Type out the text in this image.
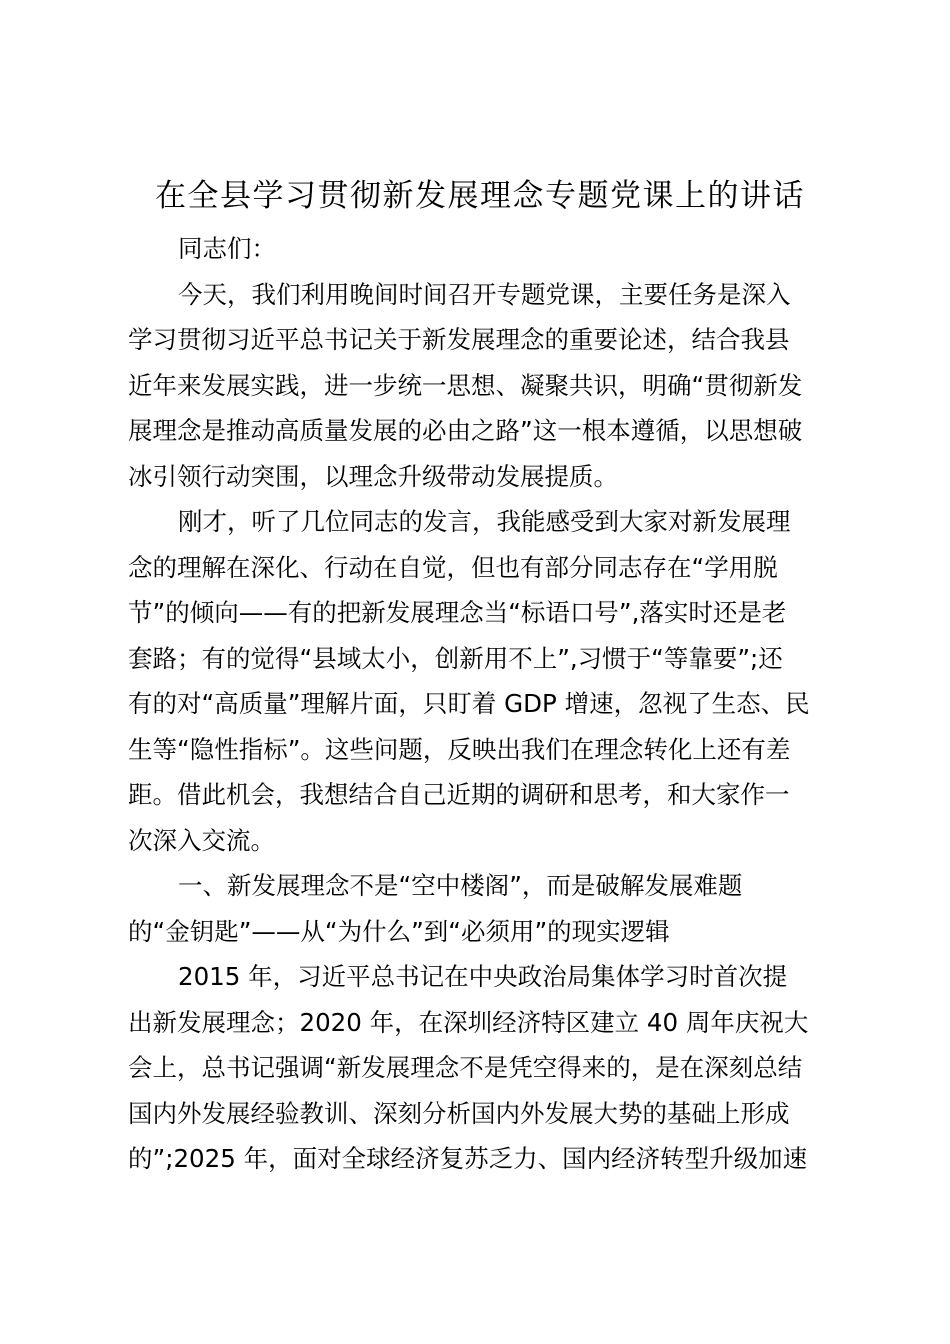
在全县学习贯彻新发展理念专题党课上的讲话
同志们：
今天，我们利用晚间时间召开专题党课，主要任务是深入
学习贯彻习近平总书记关于新发展理念的重要论述，结合我县
近年来发展实践，进一步统一思想、凝聚共识，明确“贯彻新发
展理念是推动高质量发展的必由之路”这一根本遵循，以思想破
冰引领行动突围，以理念升级带动发展提质。
刚才，听了几位同志的发言，我能感受到大家对新发展理
念的理解在深化、行动在自觉，但也有部分同志存在“学用脱
节”的倾向——有的把新发展理念当“标语口号”,落实时还是老
套路；有的觉得“县域太小，创新用不上”,习惯于“等靠要”;还
有的对“高质量”理解片面，只盯着 GDP 增速，忽视了生态、民
生等“隐性指标”。这些问题，反映出我们在理念转化上还有差
距。借此机会，我想结合自己近期的调研和思考，和大家作一
次深入交流。
一、新发展理念不是“空中楼阁”，而是破解发展难题
的“金钥匙”——从“为什么”到“必须用”的现实逻辑
2015 年，习近平总书记在中央政治局集体学习时首次提
出新发展理念；2020 年，在深圳经济特区建立 40 周年庆祝大
会上，总书记强调“新发展理念不是凭空得来的，是在深刻总结
国内外发展经验教训、深刻分析国内外发展大势的基础上形成
的”;2025 年，面对全球经济复苏乏力、国内经济转型升级加速
